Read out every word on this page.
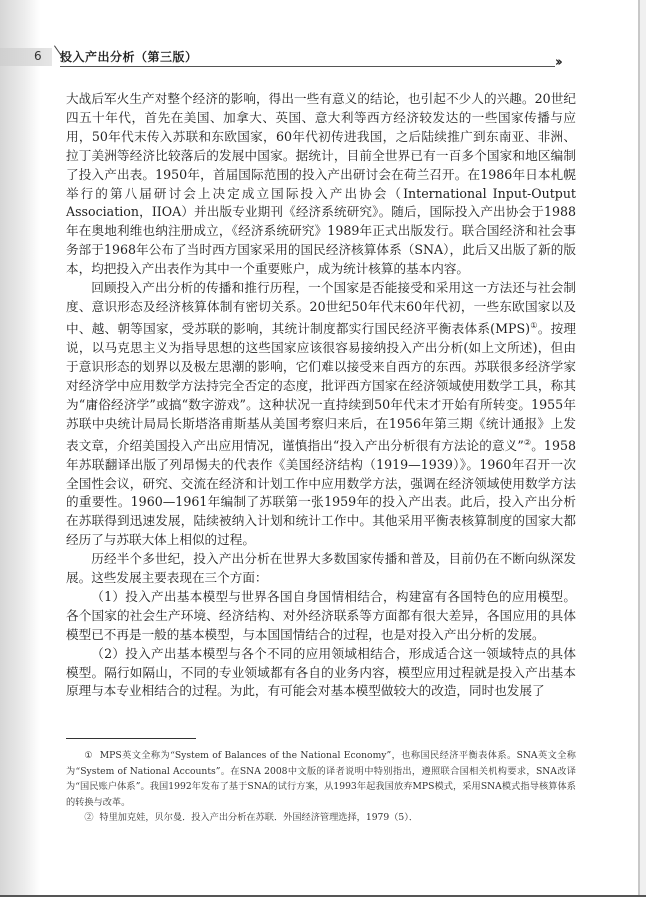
6 投入产出分析（第三版）	››

大战后军火生产对整个经济的影响，得出一些有意义的结论，也引起不少人的兴趣。20世纪四五十年代，首先在美国、加拿大、英国、意大利等西方经济较发达的一些国家传播与应用，50年代末传入苏联和东欧国家，60年代初传进我国，之后陆续推广到东南亚、非洲、拉丁美洲等经济比较落后的发展中国家。据统计，目前全世界已有一百多个国家和地区编制了投入产出表。1950年，首届国际范围的投入产出研讨会在荷兰召开。在1986年日本札幌举行的第八届研讨会上决定成立国际投入产出协会（International Input-Output Association，IIOA）并出版专业期刊《经济系统研究》。随后，国际投入产出协会于1988年在奥地利维也纳注册成立，《经济系统研究》1989年正式出版发行。联合国经济和社会事务部于1968年公布了当时西方国家采用的国民经济核算体系（SNA），此后又出版了新的版本，均把投入产出表作为其中一个重要账户，成为统计核算的基本内容。

回顾投入产出分析的传播和推行历程，一个国家是否能接受和采用这一方法还与社会制度、意识形态及经济核算体制有密切关系。20世纪50年代末60年代初，一些东欧国家以及中、越、朝等国家，受苏联的影响，其统计制度都实行国民经济平衡表体系(MPS)①。按理说，以马克思主义为指导思想的这些国家应该很容易接纳投入产出分析(如上文所述)，但由于意识形态的划界以及极左思潮的影响，它们难以接受来自西方的东西。苏联很多经济学家对经济学中应用数学方法持完全否定的态度，批评西方国家在经济领域使用数学工具，称其为“庸俗经济学”或搞“数字游戏”。这种状况一直持续到50年代末才开始有所转变。1955年苏联中央统计局局长斯塔洛甫斯基从美国考察归来后，在1956年第三期《统计通报》上发表文章，介绍美国投入产出应用情况，谨慎指出“投入产出分析很有方法论的意义”②。1958年苏联翻译出版了列昂惕夫的代表作《美国经济结构（1919—1939）》。1960年召开一次全国性会议，研究、交流在经济和计划工作中应用数学方法，强调在经济领域使用数学方法的重要性。1960—1961年编制了苏联第一张1959年的投入产出表。此后，投入产出分析在苏联得到迅速发展，陆续被纳入计划和统计工作中。其他采用平衡表核算制度的国家大都经历了与苏联大体上相似的过程。

历经半个多世纪，投入产出分析在世界大多数国家传播和普及，目前仍在不断向纵深发展。这些发展主要表现在三个方面：

（1）投入产出基本模型与世界各国自身国情相结合，构建富有各国特色的应用模型。各个国家的社会生产环境、经济结构、对外经济联系等方面都有很大差异，各国应用的具体模型已不再是一般的基本模型，与本国国情结合的过程，也是对投入产出分析的发展。

（2）投入产出基本模型与各个不同的应用领域相结合，形成适合这一领域特点的具体模型。隔行如隔山，不同的专业领域都有各自的业务内容，模型应用过程就是投入产出基本原理与本专业相结合的过程。为此，有可能会对基本模型做较大的改造，同时也发展了

① MPS英文全称为“System of Balances of the National Economy”，也称国民经济平衡表体系。SNA英文全称为“System of National Accounts”。在SNA 2008中文版的译者说明中特别指出，遵照联合国相关机构要求，SNA改译为“国民账户体系”。我国1992年发布了基于SNA的试行方案，从1993年起我国放弃MPS模式，采用SNA模式指导核算体系的转换与改革。

② 特里加克娃，贝尔曼．投入产出分析在苏联．外国经济管理选择，1979（5）．
